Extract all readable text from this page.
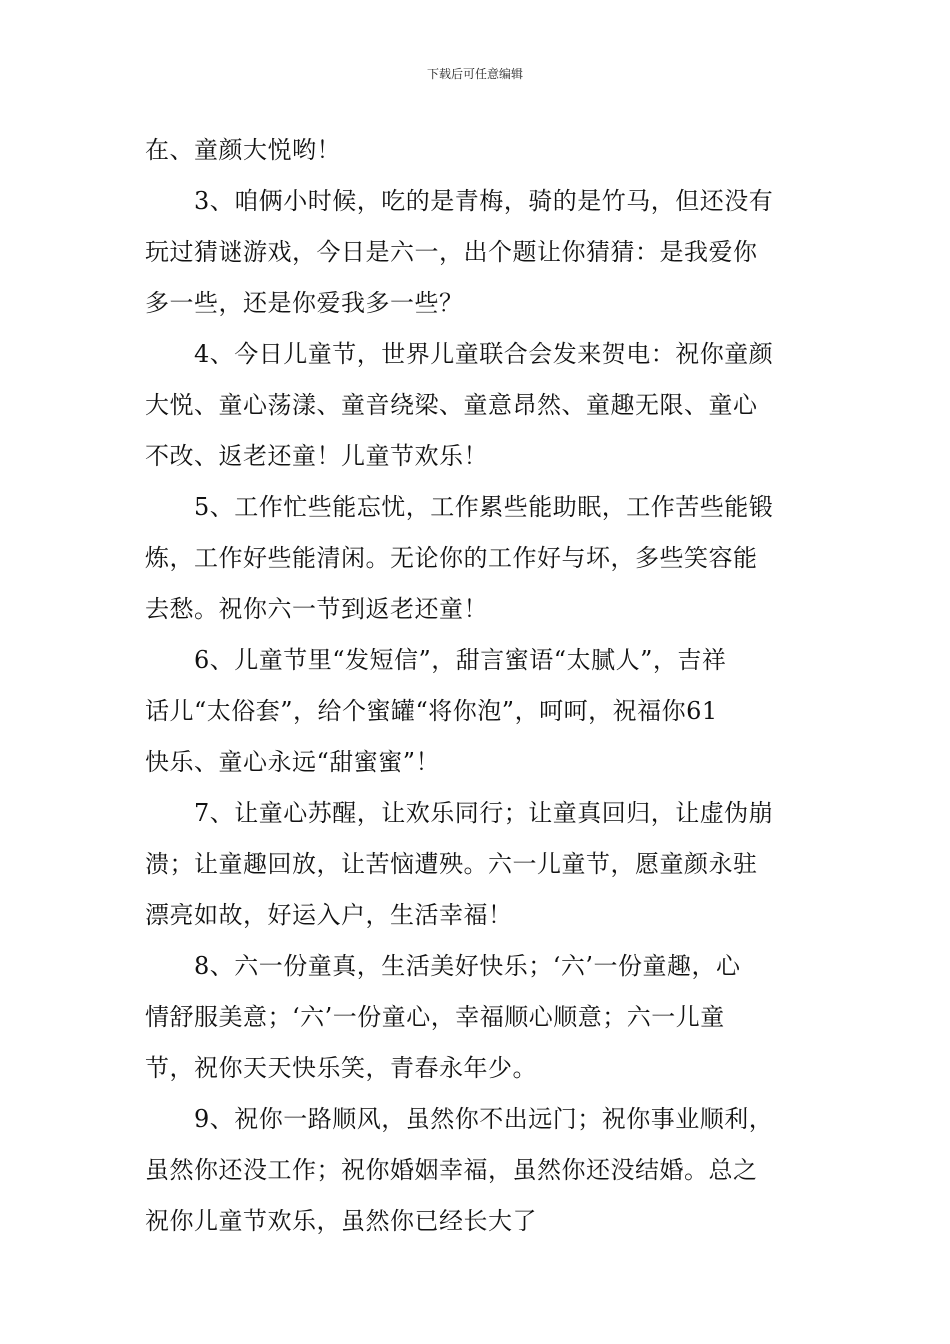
下载后可任意编辑
在、童颜大悦哟！
3、咱俩小时候，吃的是青梅，骑的是竹马，但还没有
玩过猜谜游戏，今日是六一，出个题让你猜猜：是我爱你
多一些，还是你爱我多一些？
4、今日儿童节，世界儿童联合会发来贺电：祝你童颜
大悦、童心荡漾、童音绕梁、童意昂然、童趣无限、童心
不改、返老还童！儿童节欢乐！
5、工作忙些能忘忧，工作累些能助眠，工作苦些能锻
炼，工作好些能清闲。无论你的工作好与坏，多些笑容能
去愁。祝你六一节到返老还童！
6、儿童节里“发短信”，甜言蜜语“太腻人”，吉祥
话儿“太俗套”，给个蜜罐“将你泡”，呵呵，祝福你61
快乐、童心永远“甜蜜蜜”！
7、让童心苏醒，让欢乐同行；让童真回归，让虚伪崩
溃；让童趣回放，让苦恼遭殃。六一儿童节，愿童颜永驻
漂亮如故，好运入户，生活幸福！
8、六一份童真，生活美好快乐；‘六’一份童趣，心
情舒服美意；‘六’一份童心，幸福顺心顺意；六一儿童
节，祝你天天快乐笑，青春永年少。
9、祝你一路顺风，虽然你不出远门；祝你事业顺利，
虽然你还没工作；祝你婚姻幸福，虽然你还没结婚。总之
祝你儿童节欢乐，虽然你已经长大了
